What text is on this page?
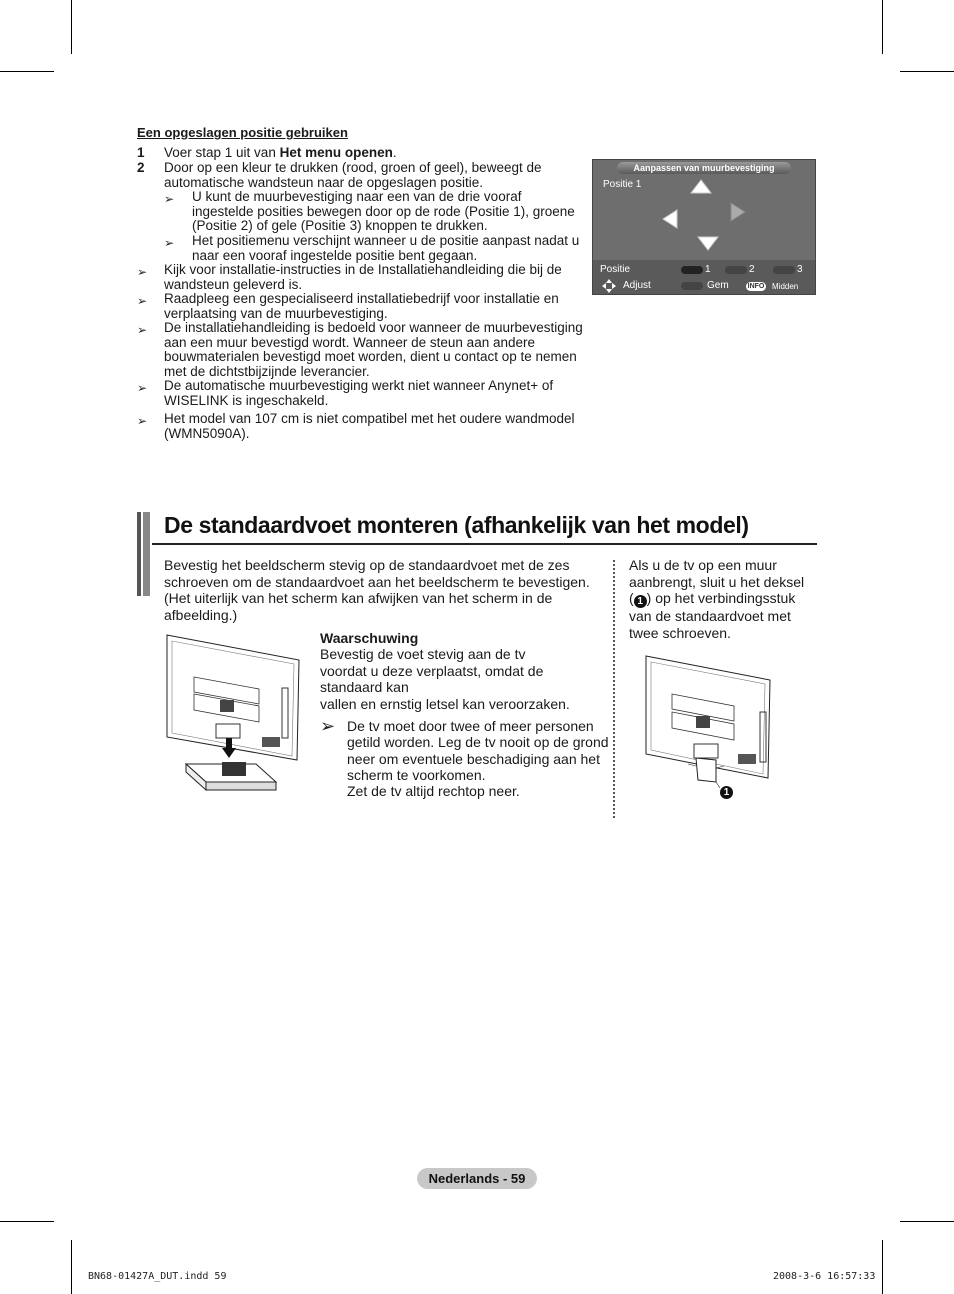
Een opgeslagen positie gebruiken
1 Voer stap 1 uit van Het menu openen.
2 Door op een kleur te drukken (rood, groen of geel), beweegt de
automatische wandsteun naar de opgeslagen positie.
➢ U kunt de muurbevestiging naar een van de drie vooraf
ingestelde posities bewegen door op de rode (Positie 1), groene
(Positie 2) of gele (Positie 3) knoppen te drukken.
➢ Het positiemenu verschijnt wanneer u de positie aanpast nadat u
naar een vooraf ingestelde positie bent gegaan.
➢ Kijk voor installatie-instructies in de Installatiehandleiding die bij de
wandsteun geleverd is.
➢ Raadpleeg een gespecialiseerd installatiebedrijf voor installatie en
verplaatsing van de muurbevestiging.
➢ De installatiehandleiding is bedoeld voor wanneer de muurbevestiging
aan een muur bevestigd wordt. Wanneer de steun aan andere
bouwmaterialen bevestigd moet worden, dient u contact op te nemen
met de dichtstbijzijnde leverancier.
➢ De automatische muurbevestiging werkt niet wanneer Anynet+ of
WISELINK is ingeschakeld.
➢ Het model van 107 cm is niet compatibel met het oudere wandmodel
(WMN5090A).
Aanpassen van muurbevestiging
Positie 1
Positie	1	2	3
Adjust	Gem	INFO Midden
De standaardvoet monteren (afhankelijk van het model)
Bevestig het beeldscherm stevig op de standaardvoet met de zes
schroeven om de standaardvoet aan het beeldscherm te bevestigen.
(Het uiterlijk van het scherm kan afwijken van het scherm in de
afbeelding.)
Waarschuwing
Bevestig de voet stevig aan de tv
voordat u deze verplaatst, omdat de
standaard kan
vallen en ernstig letsel kan veroorzaken.
➢ De tv moet door twee of meer personen
getild worden. Leg de tv nooit op de grond
neer om eventuele beschadiging aan het
scherm te voorkomen.
Zet de tv altijd rechtop neer.
Als u de tv op een muur
aanbrengt, sluit u het deksel
( 1 ) op het verbindingsstuk
van de standaardvoet met
twee schroeven.
1
Nederlands - 59
BN68-01427A_DUT.indd 59	2008-3-6 16:57:33
